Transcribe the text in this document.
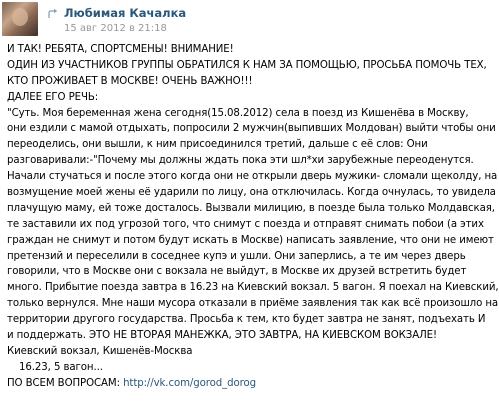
Любимая Качалка
15 авг 2012 в 21:18
И ТАК! РЕБЯТА, СПОРТСМЕНЫ! ВНИМАНИЕ!
ОДИН ИЗ УЧАСТНИКОВ ГРУППЫ ОБРАТИЛСЯ К НАМ ЗА ПОМОЩЬЮ, ПРОСЬБА ПОМОЧЬ ТЕХ,
КТО ПРОЖИВАЕТ В МОСКВЕ! ОЧЕНЬ ВАЖНО!!!
ДАЛЕЕ ЕГО РЕЧЬ:
"Суть. Моя беременная жена сегодня(15.08.2012) села в поезд из Кишенёва в Москву,
они ездили с мамой отдыхать, попросили 2 мужчин(выпивших Молдован) выйти чтобы они
переоделись, они вышли, к ним присоединился третий, дальше с её слов: Они
разговаривали:-"Почему мы должны ждать пока эти шл*хи зарубежные переоденутся.
Начали стучаться и после этого когда они не открыли дверь мужики- сломали щеколду, на
возмущение моей жены её ударили по лицу, она отключилась. Когда очнулась, то увидела
плачущую маму, ей тоже досталось. Вызвали милицию, в поезде была только Молдавская,
те заставили их под угрозой того, что снимут с поезда и отправят снимать побои (а этих
граждан не снимут и потом будут искать в Москве) написать заявление, что они не имеют
претензий и переселили в соседнее купэ и ушли. Они заперлись, а те им через дверь
говорили, что в Москве они с вокзала не выйдут, в Москве их друзей встретить будет
много. Прибытие поезда завтра в 16.23 на Киевский вокзал. 5 вагон. Я поехал на Киевский,
только вернулся. Мне наши мусора отказали в приёме заявления так как всё произошло на
территории другого государства. Просьба к тем, кто будет завтра не занят, подъехать И
и поддержать. ЭТО НЕ ВТОРАЯ МАНЕЖКА, ЭТО ЗАВТРА, НА КИЕВСКОМ ВОКЗАЛЕ!
Киевский вокзал, Кишенёв-Москва
16.23, 5 вагон...
ПО ВСЕМ ВОПРОСАМ: http://vk.com/gorod_dorog
